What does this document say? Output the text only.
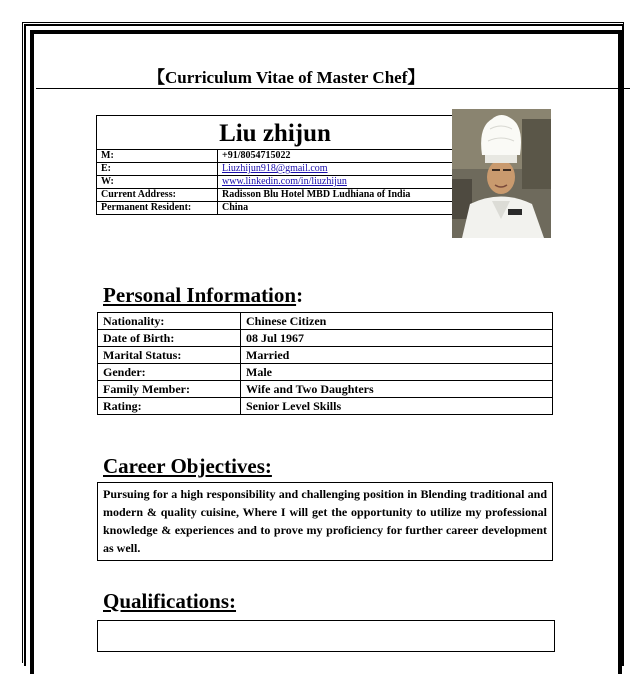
【Curriculum Vitae of Master Chef】
Liu zhijun
M:	+91/8054715022
E:	Liuzhijun918@gmail.com
W:	www.linkedin.com/in/liuzhijun
Current Address:	Radisson Blu Hotel MBD Ludhiana of India
Permanent Resident:	China
Personal Information:
Nationality:	Chinese Citizen
Date of Birth:	08 Jul 1967
Marital Status:	Married
Gender:	Male
Family Member:	Wife and Two Daughters
Rating:	Senior Level Skills
Career Objectives:
Pursuing for a high responsibility and challenging position in Blending traditional and modern & quality cuisine, Where I will get the opportunity to utilize my professional knowledge & experiences and to prove my proficiency for further career development as well.
Qualifications:
